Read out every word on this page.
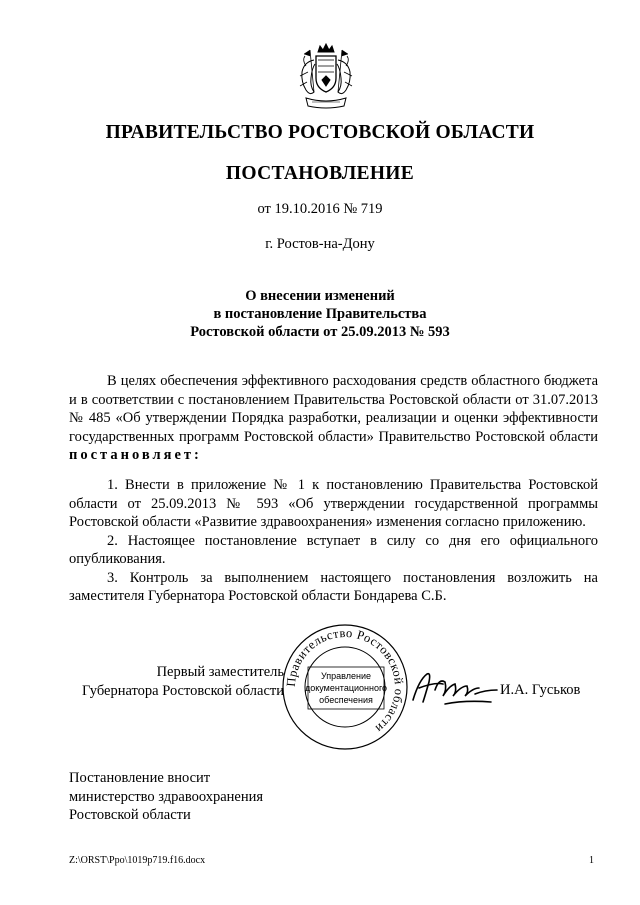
ПРАВИТЕЛЬСТВО РОСТОВСКОЙ ОБЛАСТИ
ПОСТАНОВЛЕНИЕ
от 19.10.2016 № 719
г. Ростов-на-Дону
О внесении изменений
в постановление Правительства
Ростовской области от 25.09.2013 № 593
В целях обеспечения эффективного расходования средств областного бюджета и в соответствии с постановлением Правительства Ростовской области от 31.07.2013 № 485 «Об утверждении Порядка разработки, реализации и оценки эффективности государственных программ Ростовской области» Правительство Ростовской области постановляет:
1. Внести в приложение № 1 к постановлению Правительства Ростовской области от 25.09.2013 № 593 «Об утверждении государственной программы Ростовской области «Развитие здравоохранения» изменения согласно приложению.
2. Настоящее постановление вступает в силу со дня его официального опубликования.
3. Контроль за выполнением настоящего постановления возложить на заместителя Губернатора Ростовской области Бондарева С.Б.
Первый заместитель
Губернатора Ростовской области
Правительство Ростовской области
Управление
документационного
обеспечения
И.А. Гуськов
Постановление вносит
министерство здравоохранения
Ростовской области
Z:\ORST\Ppo\1019p719.f16.docx	1
